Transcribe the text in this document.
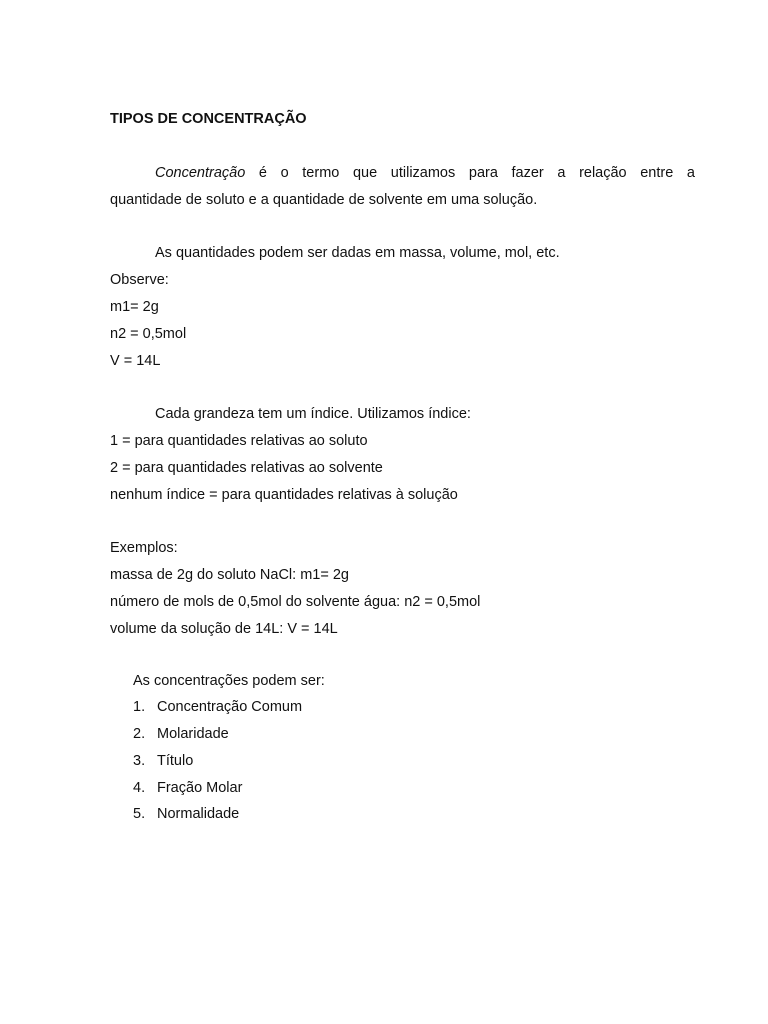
TIPOS DE CONCENTRAÇÃO
Concentração é o termo que utilizamos para fazer a relação entre a
quantidade de soluto e a quantidade de solvente em uma solução.
As quantidades podem ser dadas em massa, volume, mol, etc.
Observe:
m1= 2g
n2 = 0,5mol
V = 14L
Cada grandeza tem um índice. Utilizamos índice:
1 = para quantidades relativas ao soluto
2 = para quantidades relativas ao solvente
nenhum índice = para quantidades relativas à solução
Exemplos:
massa de 2g do soluto NaCl: m1= 2g
número de mols de 0,5mol do solvente água: n2 = 0,5mol
volume da solução de 14L: V = 14L
As concentrações podem ser:
1. Concentração Comum
2. Molaridade
3. Título
4. Fração Molar
5. Normalidade
